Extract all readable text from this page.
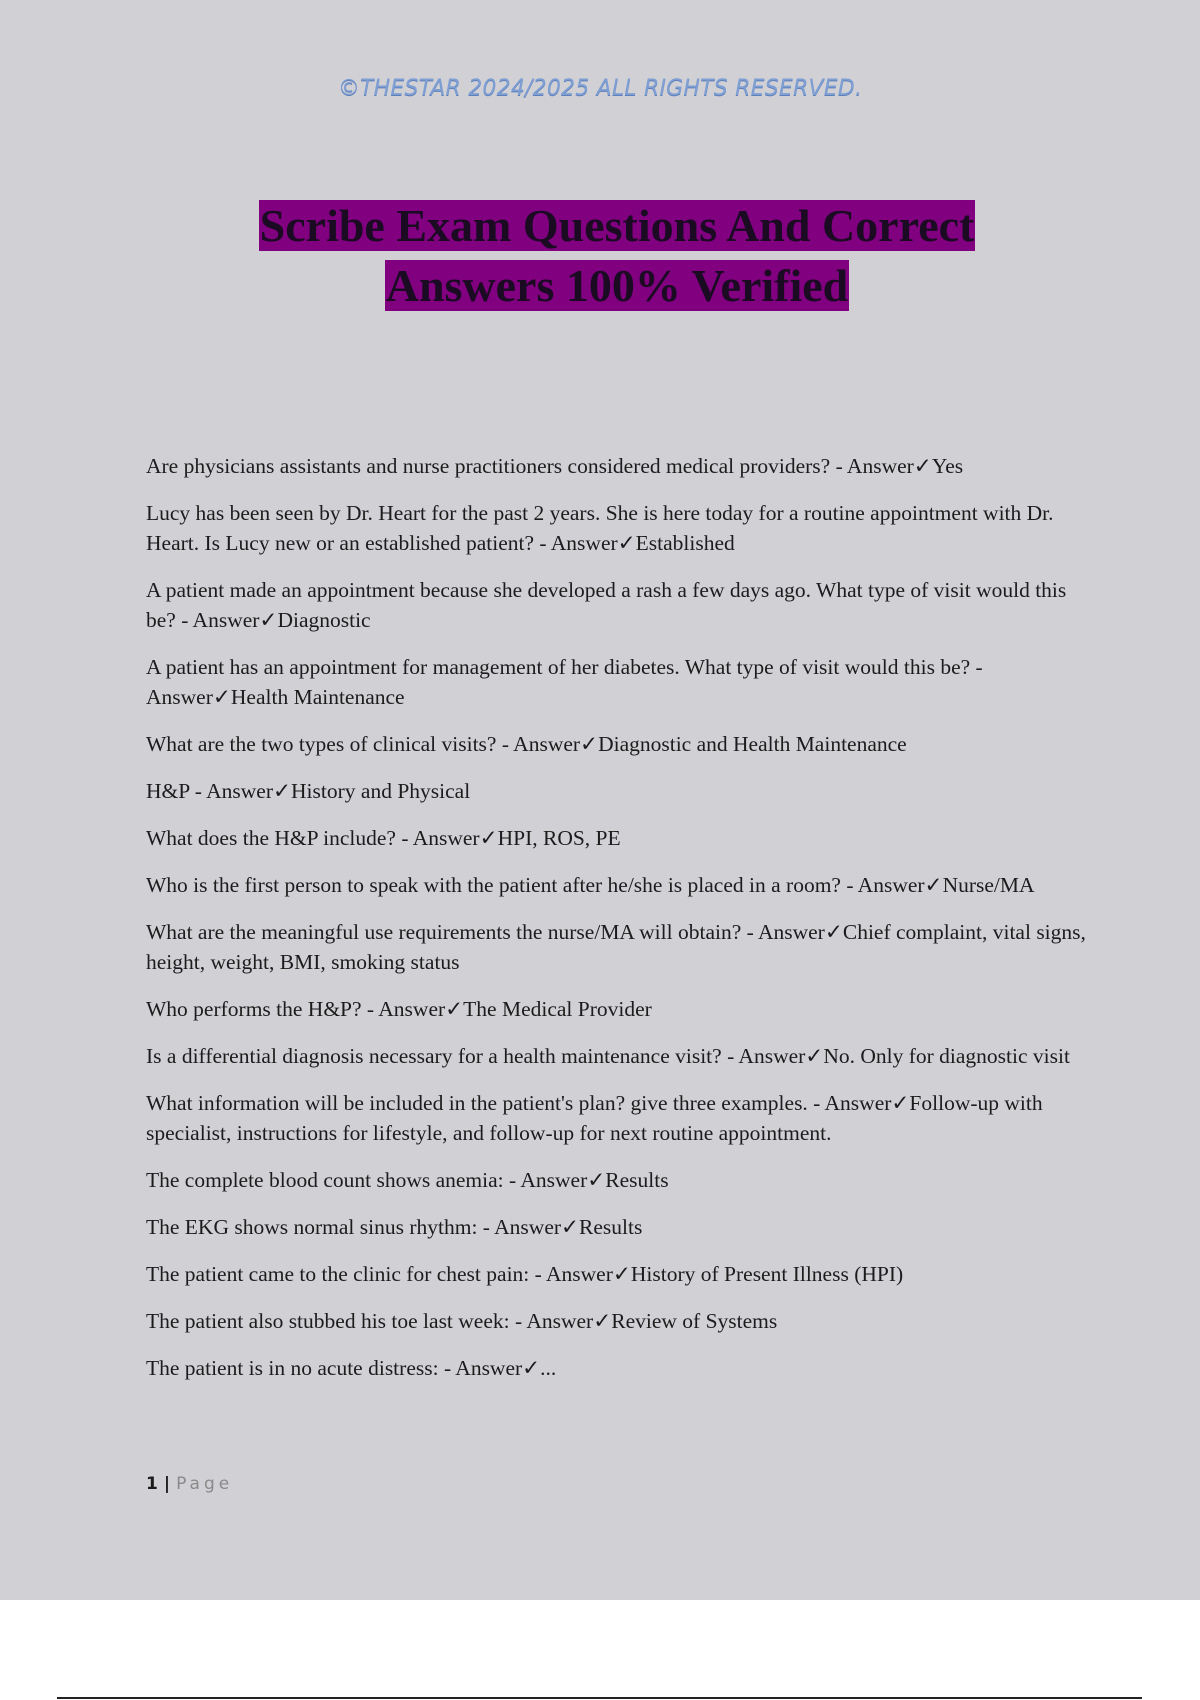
©THESTAR 2024/2025 ALL RIGHTS RESERVED.
Scribe Exam Questions And Correct
Answers 100% Verified

Are physicians assistants and nurse practitioners considered medical providers? - Answer✓Yes

Lucy has been seen by Dr. Heart for the past 2 years. She is here today for a routine appointment with Dr. Heart. Is Lucy new or an established patient? - Answer✓Established

A patient made an appointment because she developed a rash a few days ago. What type of visit would this be? - Answer✓Diagnostic

A patient has an appointment for management of her diabetes. What type of visit would this be? - Answer✓Health Maintenance

What are the two types of clinical visits? - Answer✓Diagnostic and Health Maintenance

H&P - Answer✓History and Physical

What does the H&P include? - Answer✓HPI, ROS, PE

Who is the first person to speak with the patient after he/she is placed in a room? - Answer✓Nurse/MA

What are the meaningful use requirements the nurse/MA will obtain? - Answer✓Chief complaint, vital signs, height, weight, BMI, smoking status

Who performs the H&P? - Answer✓The Medical Provider

Is a differential diagnosis necessary for a health maintenance visit? - Answer✓No. Only for diagnostic visit

What information will be included in the patient's plan? give three examples. - Answer✓Follow-up with specialist, instructions for lifestyle, and follow-up for next routine appointment.

The complete blood count shows anemia: - Answer✓Results

The EKG shows normal sinus rhythm: - Answer✓Results

The patient came to the clinic for chest pain: - Answer✓History of Present Illness (HPI)

The patient also stubbed his toe last week: - Answer✓Review of Systems

The patient is in no acute distress: - Answer✓...

1 | Page
